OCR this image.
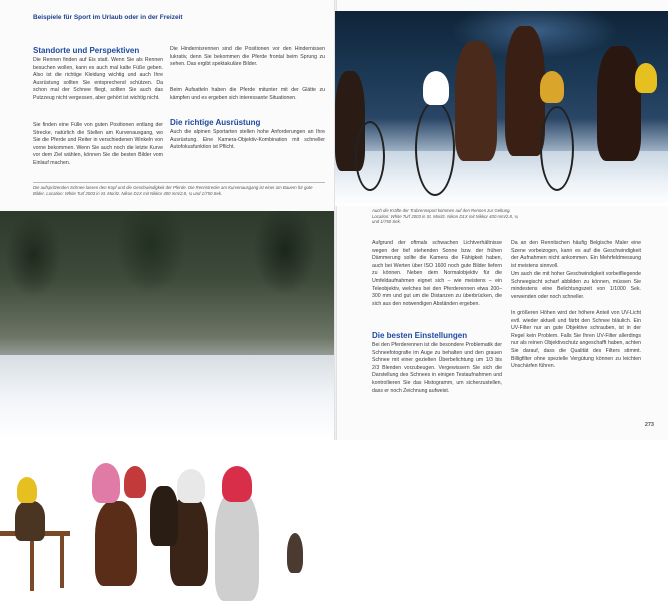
Beispiele für Sport im Urlaub oder in der Freizeit
Standorte und Perspektiven
Die Rennen finden auf Eis statt. Wenn Sie als Rennen besuchen wollen, kann es auch mal kalte Füße geben. Also ist die richtige Kleidung wichtig und auch Ihre Ausrüstung sollten Sie entsprechend schützen. Da schon mal der Schnee fliegt, sollten Sie auch das Putzzeug nicht vergessen, aber gehört ist wichtig nicht.
Sie finden eine Fülle von guten Positionen entlang der Strecke, natürlich die Stellen am Kurvenausgang, wo Sie die Pferde und Reiter in verschiedenen Winkeln von vorne bekommen. Wenn Sie auch noch die letzte Kurve vor dem Ziel wählen, können Sie die besten Bilder vom Einlauf machen.
Die Hindernisrennen sind die Positionen vor den Hindernissen lukrativ, denn Sie bekommen die Pferde frontal beim Sprung zu sehen. Das ergibt spektakuläre Bilder.
Beim Aufsatteln haben die Pferde mitunter mit der Glätte zu kämpfen und es ergeben sich interessante Situationen.
Die richtige Ausrüstung
Auch die alpinen Sportarten stellen hohe Anforderungen an Ihre Ausrüstung. Eine Kamera-Objektiv-Kombination mit schneller Autofokusfunktion ist Pflicht.
Die aufspritzenden Schnee lassen den Kopf und die Geschwindigkeit der Pferde. Die Rennstrecke am Kurvenausgang ist einer am Bauern für gute Bilder. Location: White Turf 2003 in St. Moritz. Nikon D1X mit Nikkor 400 mm/2.8, ¼ und 1/750 Sek.
Auch die Kräfte der Trabrennsport kommen auf den Rennen zur Geltung. Location: White Turf 2003 in St. Moritz. Nikon D1X mit Nikkor 400 mm/2.8, ¼ und 1/750 Sek.
Aufgrund der oftmals schwachen Lichtverhältnisse wegen der tief stehenden Sonne bzw. der frühen Dämmerung sollte die Kamera die Fähigkeit haben, auch bei Werten über ISO 1600 noch gute Bilder liefern zu können. Neben dem Normalobjektiv für die Umfeldaufnahmen eignet sich – wie meistens – ein Teleobjektiv, welches bei den Pferderennen etwa 200–300 mm und gut um die Distanzen zu überbrücken, die sich aus den notwendigen Abständen ergeben.
Die besten Einstellungen
Bei den Pferderennen ist die besondere Problematik der Schneefotografie im Auge zu behalten und den grauen Schnee mit einer gezielten Überbelichtung um 1/3 bis 2/3 Blenden vorzubeugen. Vergewissern Sie sich die Darstellung des Schnees in einigen Testaufnahmen und kontrollieren Sie das Histogramm, um sicherzustellen, dass er noch Zeichnung aufweist.
Da an den Renntischen häufig Belgische Maler eine Szene vorbeizogen, kann es auf die Geschwindigkeit der Aufnahmen nicht ankommen. Ein Mehrfeldmessung ist meistens sinnvoll.
Um auch die mit hoher Geschwindigkeit vorbeifliegende Schneegischt scharf abbilden zu können, müssen Sie mindestens eine Belichtungszeit von 1/1000 Sek. verwenden oder noch schneller.
In größeren Höhen wird der höhere Anteil von UV-Licht evtl. wieder aktuell und färbt den Schnee bläulich. Ein UV-Filter nur an gute Objektive schrauben, ist in der Regel kein Problem. Falls Sie Ihren UV-Filter allerdings nur als reinen Objektivschutz angeschafft haben, achten Sie darauf, dass die Qualität des Filters stimmt. Billigfilter ohne spezielle Vergütung können zu leichten Unschärfen führen.
273
